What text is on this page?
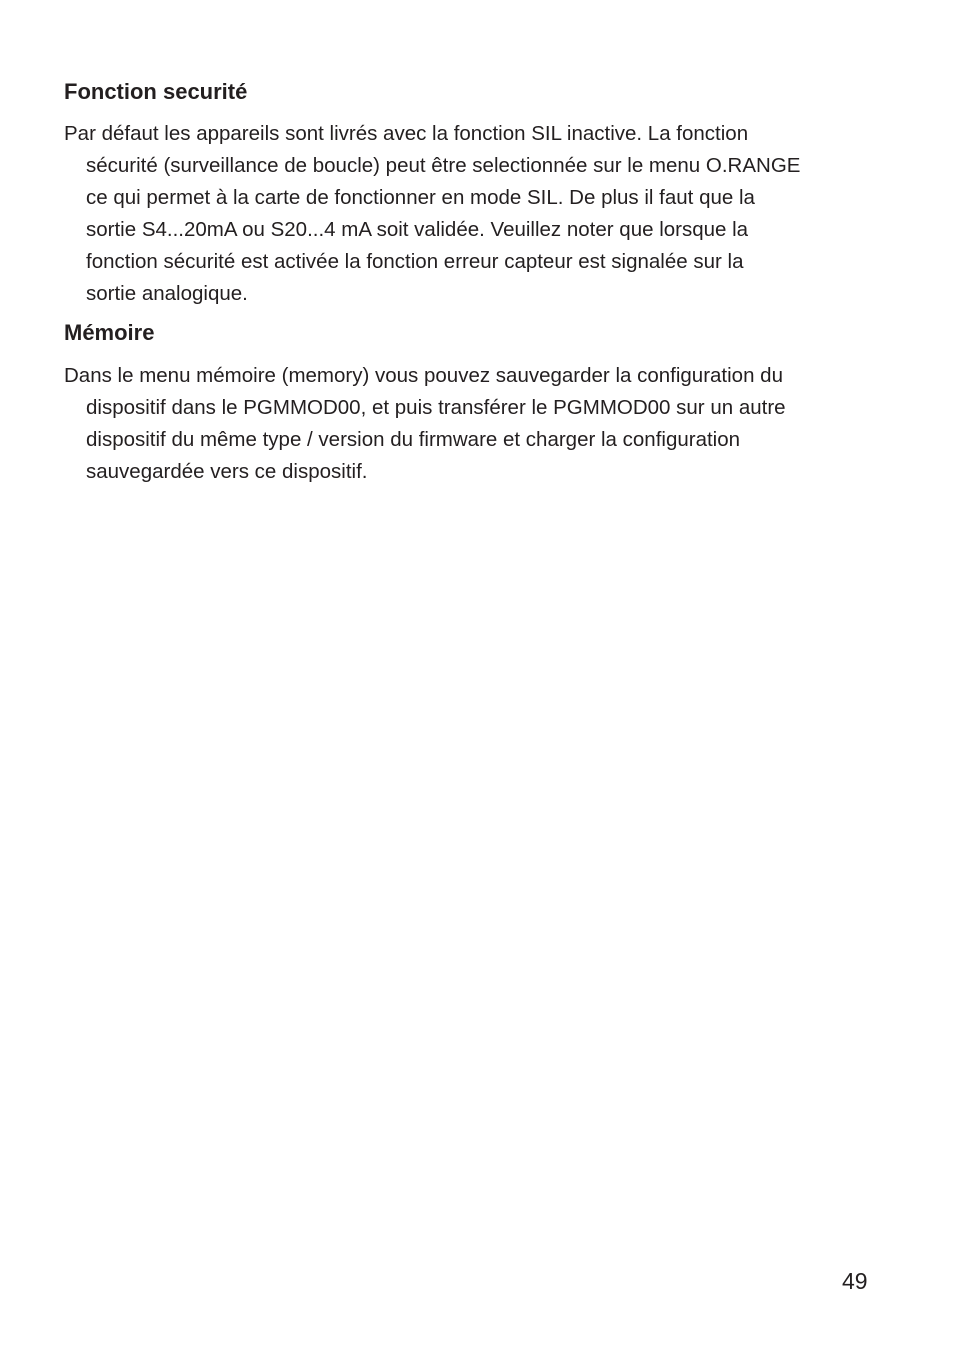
Fonction securité
Par défaut les appareils sont livrés avec la fonction SIL inactive. La fonction
sécurité (surveillance de boucle) peut être selectionnée sur le menu O.RANGE
ce qui permet à la carte de fonctionner en mode SIL. De plus il faut que la
sortie S4...20mA ou S20...4 mA soit validée. Veuillez noter que lorsque la
fonction sécurité est activée la fonction erreur capteur est signalée sur la
sortie analogique.
Mémoire
Dans le menu mémoire (memory) vous pouvez sauvegarder la configuration du
dispositif dans le PGMMOD00, et puis transférer le PGMMOD00 sur un autre
dispositif du même type / version du firmware et charger la configuration
sauvegardée vers ce dispositif.
49
